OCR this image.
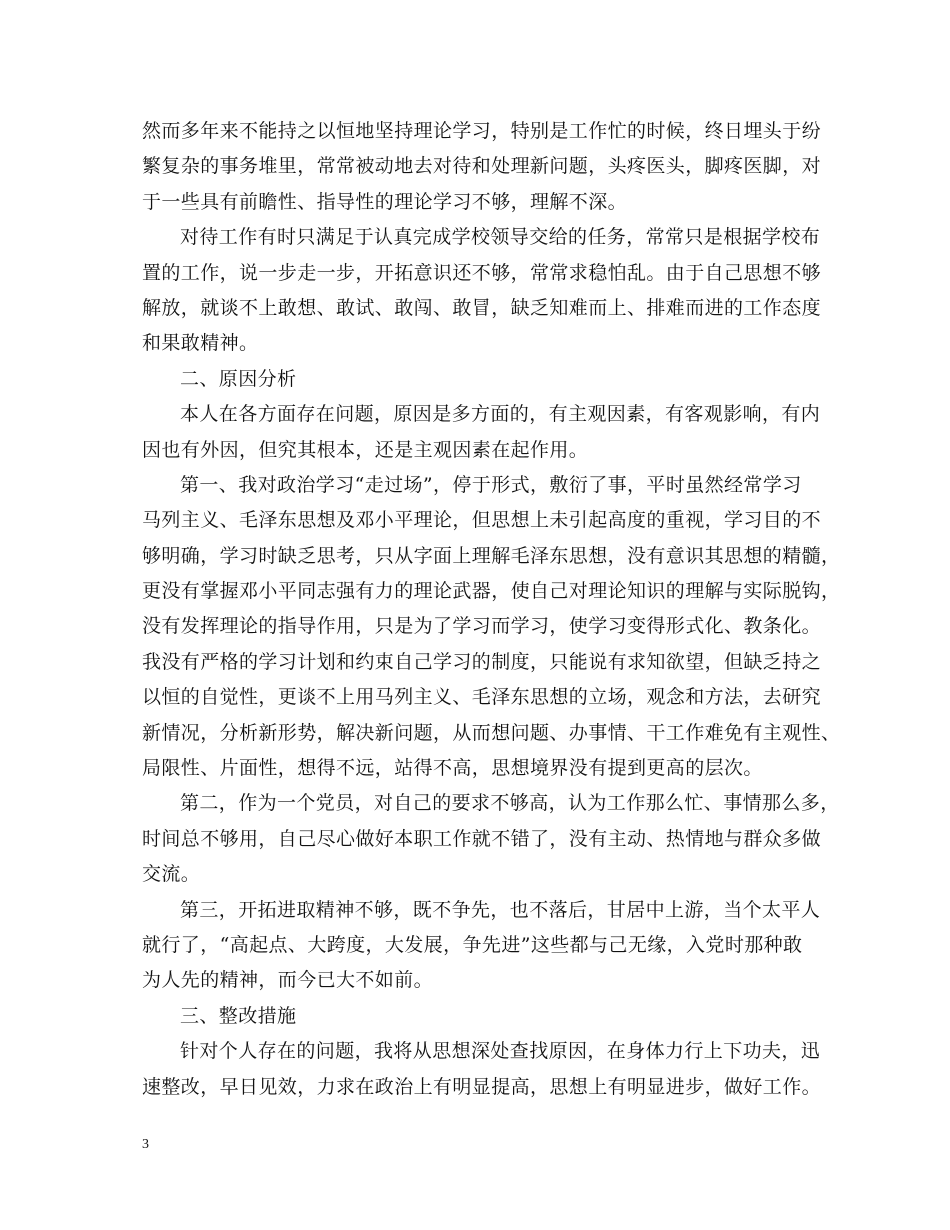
然而多年来不能持之以恒地坚持理论学习，特别是工作忙的时候，终日埋头于纷
繁复杂的事务堆里，常常被动地去对待和处理新问题，头疼医头，脚疼医脚，对
于一些具有前瞻性、指导性的理论学习不够，理解不深。
对待工作有时只满足于认真完成学校领导交给的任务，常常只是根据学校布
置的工作，说一步走一步，开拓意识还不够，常常求稳怕乱。由于自己思想不够
解放，就谈不上敢想、敢试、敢闯、敢冒，缺乏知难而上、排难而进的工作态度
和果敢精神。
二、原因分析
本人在各方面存在问题，原因是多方面的，有主观因素，有客观影响，有内
因也有外因，但究其根本，还是主观因素在起作用。
第一、我对政治学习“走过场”，停于形式，敷衍了事，平时虽然经常学习
马列主义、毛泽东思想及邓小平理论，但思想上未引起高度的重视，学习目的不
够明确，学习时缺乏思考，只从字面上理解毛泽东思想，没有意识其思想的精髓，
更没有掌握邓小平同志强有力的理论武器，使自己对理论知识的理解与实际脱钩，
没有发挥理论的指导作用，只是为了学习而学习，使学习变得形式化、教条化。
我没有严格的学习计划和约束自己学习的制度，只能说有求知欲望，但缺乏持之
以恒的自觉性，更谈不上用马列主义、毛泽东思想的立场，观念和方法，去研究
新情况，分析新形势，解决新问题，从而想问题、办事情、干工作难免有主观性、
局限性、片面性，想得不远，站得不高，思想境界没有提到更高的层次。
第二，作为一个党员，对自己的要求不够高，认为工作那么忙、事情那么多，
时间总不够用，自己尽心做好本职工作就不错了，没有主动、热情地与群众多做
交流。
第三，开拓进取精神不够，既不争先，也不落后，甘居中上游，当个太平人
就行了，“高起点、大跨度，大发展，争先进”这些都与己无缘，入党时那种敢
为人先的精神，而今已大不如前。
三、整改措施
针对个人存在的问题，我将从思想深处查找原因，在身体力行上下功夫，迅
速整改，早日见效，力求在政治上有明显提高，思想上有明显进步，做好工作。
3
